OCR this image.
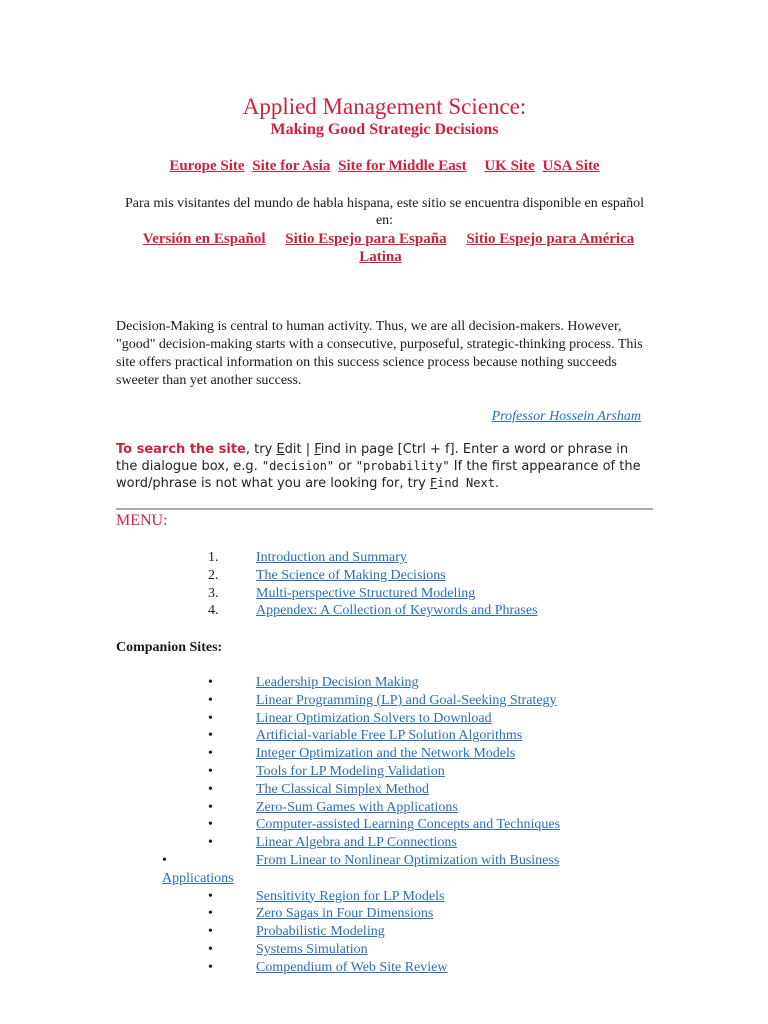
Applied Management Science:
Making Good Strategic Decisions
Europe Site Site for Asia Site for Middle East UK Site USA Site
Para mis visitantes del mundo de habla hispana, este sitio se encuentra disponible en español en:
Versión en Español Sitio Espejo para España Sitio Espejo para América Latina
Decision-Making is central to human activity. Thus, we are all decision-makers. However, "good" decision-making starts with a consecutive, purposeful, strategic-thinking process. This site offers practical information on this success science process because nothing succeeds sweeter than yet another success.
Professor Hossein Arsham
To search the site, try Edit | Find in page [Ctrl + f]. Enter a word or phrase in the dialogue box, e.g. "decision" or "probability" If the first appearance of the word/phrase is not what you are looking for, try Find Next.
MENU:
1.	Introduction and Summary
2.	The Science of Making Decisions
3.	Multi-perspective Structured Modeling
4.	Appendex: A Collection of Keywords and Phrases
Companion Sites:
•	Leadership Decision Making
•	Linear Programming (LP) and Goal-Seeking Strategy
•	Linear Optimization Solvers to Download
•	Artificial-variable Free LP Solution Algorithms
•	Integer Optimization and the Network Models
•	Tools for LP Modeling Validation
•	The Classical Simplex Method
•	Zero-Sum Games with Applications
•	Computer-assisted Learning Concepts and Techniques
•	Linear Algebra and LP Connections
•	From Linear to Nonlinear Optimization with Business Applications
•	Sensitivity Region for LP Models
•	Zero Sagas in Four Dimensions
•	Probabilistic Modeling
•	Systems Simulation
•	Compendium of Web Site Review
